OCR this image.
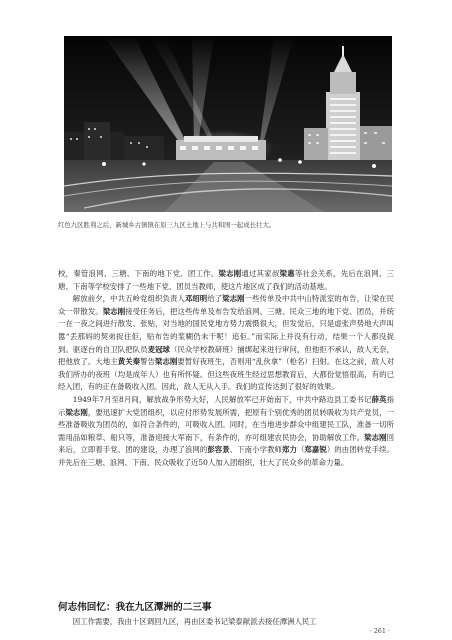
红色九区胜利之后，新城乡古镇镇在原三九区土地上与共和国一起成长壮大。

校，秦管浪网、三塘、下南的地下党、团工作。梁志刚通过其家叔梁惠等社会关系，先后在浪网、三塘、下南等学校安排了一些地下党、团员当教师，使这片地区成了我们的活动基地。

解放前夕，中共五岭党组织负责人邓绍明给了梁志刚一些传单及中共中山特派室的布告，让梁在民众一带散发。梁志刚接受任务后，把这些传单及布告发给浪网、三塘、民众三地的地下党、团员，并统一在一夜之间进行散发、张贴，对当地的国民党地方势力震慑很大，但发觉后，只是虚张声势地大声叫嚣“丢那妈的契弟捉住佢，贴布告的浆糊仍未干呢！追佢。”而实际上并没有行动，结果一个人都没捉到。驱逐台的自卫队把队员麦冠球（民众学校教研班）捕绑起来进行审问，但他拒不承认，敌人无奈，把他放了。大地主黄关秦警告梁志刚要暂好夜班生，否则用“乱伙拿”（枪名）扫射。在这之前，敌人对我们所办的夜班（均是成年人）也有所怀疑。但这些夜班生经过思想教育后，大都份觉悟很高，有的已经入团，有的正在备吸收入团。因此，敌人无从入手。我们的宣传达到了很好的效果。

1949年7月至8月间，解放战争形势大好，人民解放军已开始南下，中共中路边县工委书记薛英指示梁志刚，要迅速扩大党团组织，以应付形势发展所需，把原有个别优秀的团员转吸收为共产党员，一些准备吸收为团员的，如符合条件的，可吸收入团。同时，在当地进步群众中组建民工队，准备一切所需用品如粮草、船只等，准备迎接大军南下，有条件的，亦可组建农民协会，协助解放工作。梁志刚回来后，立即着手党、团的建设，办理了浪网的彭容景、下南小学教师郑力（郑嘉锐）的由团转党手续。并先后在三塘、浪网、下南、民众吸收了近50人加入团组织，壮大了民众乡的革命力量。

何志伟回忆：我在九区潭洲的二三事
因工作需要，我由十区调回九区，再由区委书记梁泰献派去接任潭洲人民工
· 261 ·
